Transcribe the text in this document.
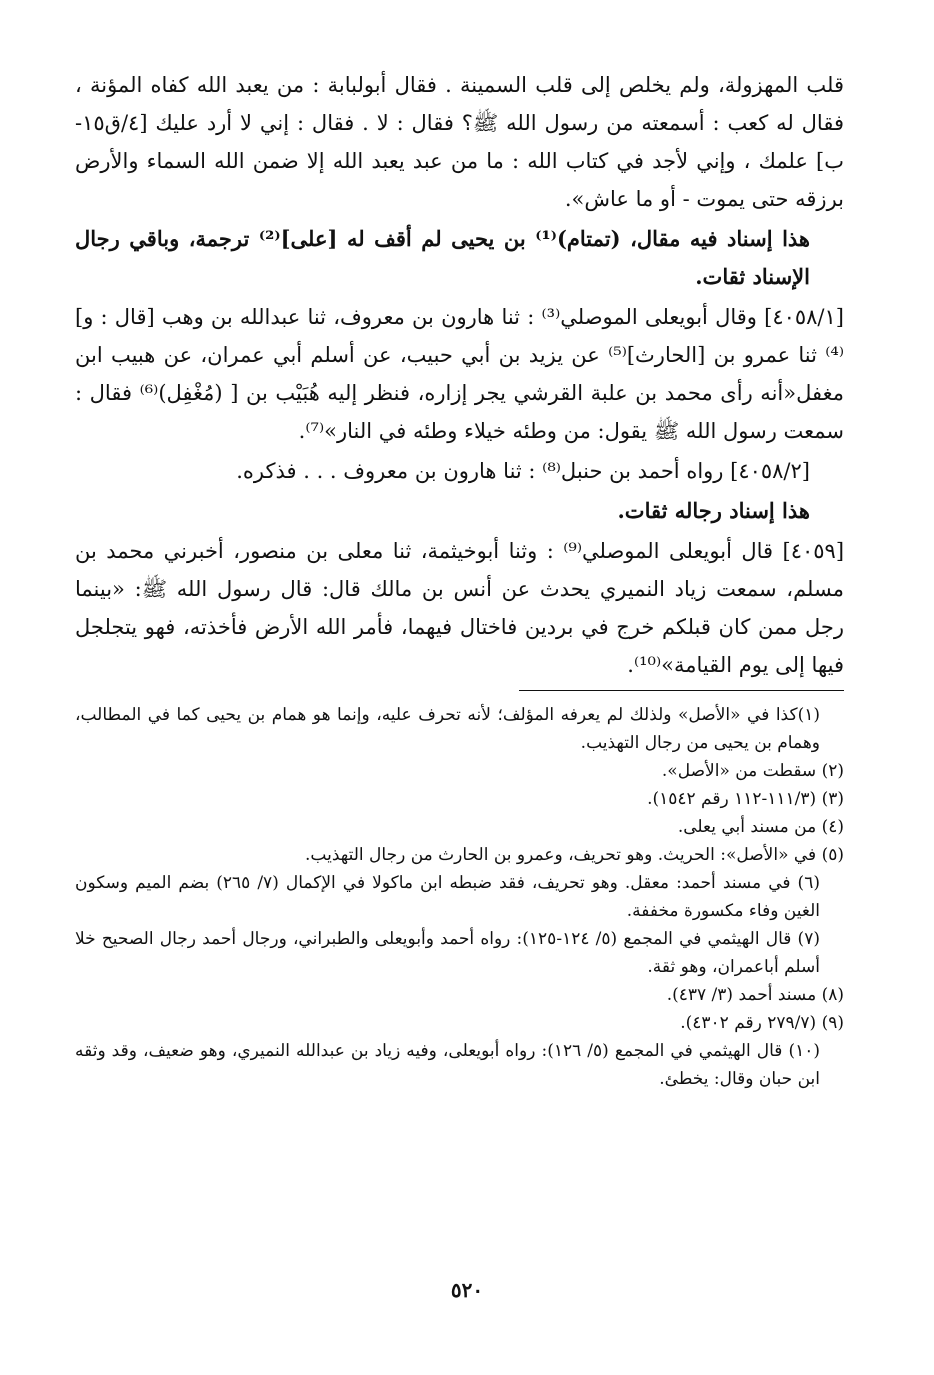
قلب المهزولة، ولم يخلص إلى قلب السمينة . فقال أبولبابة : من يعبد الله كفاه المؤنة ، فقال له كعب : أسمعته من رسول الله ﷺ؟ فقال : لا . فقال : إني لا أرد عليك [٤/ق١٥-ب] علمك ، وإني لأجد في كتاب الله : ما من عبد يعبد الله إلا ضمن الله السماء والأرض برزقه حتى يموت - أو ما عاش».

هذا إسناد فيه مقال، (تمتام)⁽¹⁾ بن يحيى لم أقف له [على]⁽²⁾ ترجمة، وباقي رجال الإسناد ثقات.

[٤٠٥٨/١] وقال أبويعلى الموصلي⁽³⁾ : ثنا هارون بن معروف، ثنا عبدالله بن وهب [قال : و]⁽⁴⁾ ثنا عمرو بن [الحارث]⁽⁵⁾ عن يزيد بن أبي حبيب، عن أسلم أبي عمران، عن هبيب ابن مغفل«أنه رأى محمد بن علبة القرشي يجر إزاره، فنظر إليه هُبَيْب بن [ (مُغْفِل)⁽⁶⁾ فقال : سمعت رسول الله ﷺ يقول: من وطئه خيلاء وطئه في النار»⁽⁷⁾.

[٤٠٥٨/٢] رواه أحمد بن حنبل⁽⁸⁾ : ثنا هارون بن معروف . . . فذكره.

هذا إسناد رجاله ثقات.

[٤٠٥٩] قال أبويعلى الموصلي⁽⁹⁾ : وثنا أبوخيثمة، ثنا معلى بن منصور، أخبرني محمد بن مسلم، سمعت زياد النميري يحدث عن أنس بن مالك قال: قال رسول الله ﷺ: «بينما رجل ممن كان قبلكم خرج في بردين فاختال فيهما، فأمر الله الأرض فأخذته، فهو يتجلجل فيها إلى يوم القيامة»⁽¹⁰⁾.

(١)كذا في «الأصل» ولذلك لم يعرفه المؤلف؛ لأنه تحرف عليه، وإنما هو همام بن يحيى كما في المطالب، وهمام بن يحيى من رجال التهذيب.

(٢) سقطت من «الأصل».

(٣) (١١١/٣-١١٢ رقم ١٥٤٢).

(٤) من مسند أبي يعلى.

(٥) في «الأصل»: الحريث. وهو تحريف، وعمرو بن الحارث من رجال التهذيب.

(٦) في مسند أحمد: معقل. وهو تحريف، فقد ضبطه ابن ماكولا في الإكمال (٧/ ٢٦٥) بضم الميم وسكون الغين وفاء مكسورة مخففة.

(٧) قال الهيثمي في المجمع (٥/ ١٢٤-١٢٥): رواه أحمد وأبويعلى والطبراني، ورجال أحمد رجال الصحيح خلا أسلم أباعمران، وهو ثقة.

(٨) مسند أحمد (٣/ ٤٣٧).

(٩) (٢٧٩/٧ رقم ٤٣٠٢).

(١٠) قال الهيثمي في المجمع (٥/ ١٢٦): رواه أبويعلى، وفيه زياد بن عبدالله النميري، وهو ضعيف، وقد وثقه ابن حبان وقال: يخطئ.

٥٢٠
